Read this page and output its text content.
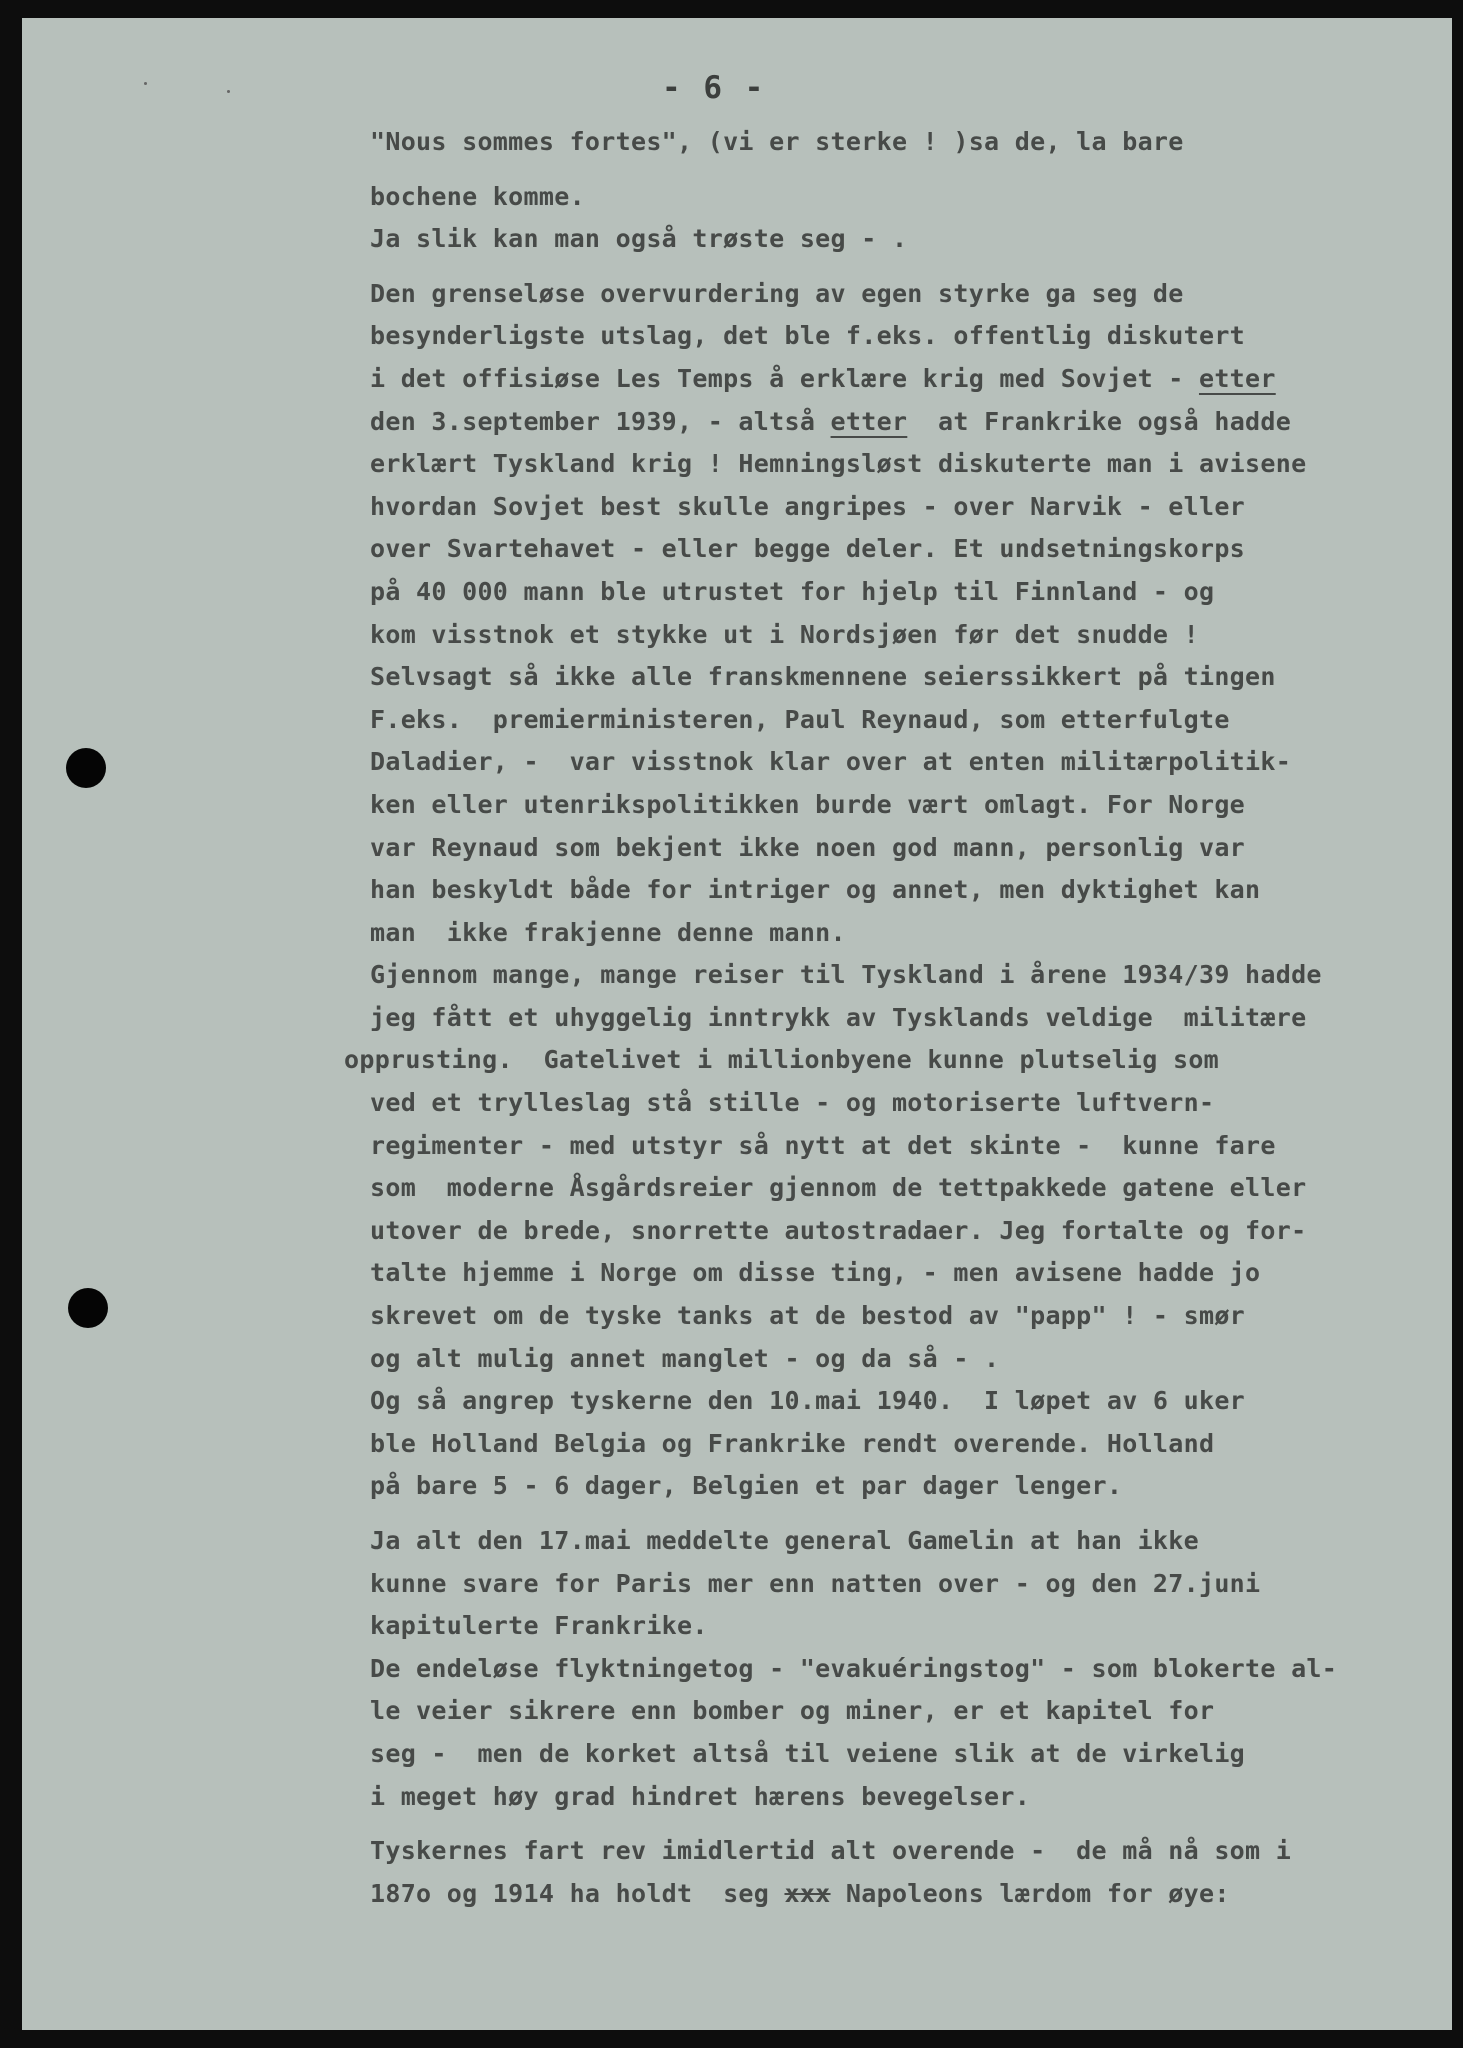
- 6 -
"Nous sommes fortes", (vi er sterke ! )sa de, la bare
bochene komme.
Ja slik kan man også trøste seg - .
Den grenseløse overvurdering av egen styrke ga seg de
besynderligste utslag, det ble f.eks. offentlig diskutert
i det offisiøse Les Temps å erklære krig med Sovjet - etter
den 3.september 1939, - altså etter  at Frankrike også hadde
erklært Tyskland krig ! Hemningsløst diskuterte man i avisene
hvordan Sovjet best skulle angripes - over Narvik - eller
over Svartehavet - eller begge deler. Et undsetningskorps
på 40 000 mann ble utrustet for hjelp til Finnland - og
kom visstnok et stykke ut i Nordsjøen før det snudde !
Selvsagt så ikke alle franskmennene seierssikkert på tingen
F.eks.  premierministeren, Paul Reynaud, som etterfulgte
Daladier, -  var visstnok klar over at enten militærpolitik-
ken eller utenrikspolitikken burde vært omlagt. For Norge
var Reynaud som bekjent ikke noen god mann, personlig var
han beskyldt både for intriger og annet, men dyktighet kan
man  ikke frakjenne denne mann.
Gjennom mange, mange reiser til Tyskland i årene 1934/39 hadde
jeg fått et uhyggelig inntrykk av Tysklands veldige  militære
opprusting.  Gatelivet i millionbyene kunne plutselig som
ved et trylleslag stå stille - og motoriserte luftvern-
regimenter - med utstyr så nytt at det skinte -  kunne fare
som  moderne Åsgårdsreier gjennom de tettpakkede gatene eller
utover de brede, snorrette autostradaer. Jeg fortalte og for-
talte hjemme i Norge om disse ting, - men avisene hadde jo
skrevet om de tyske tanks at de bestod av "papp" ! - smør
og alt mulig annet manglet - og da så - .
Og så angrep tyskerne den 10.mai 1940.  I løpet av 6 uker
ble Holland Belgia og Frankrike rendt overende. Holland
på bare 5 - 6 dager, Belgien et par dager lenger.
Ja alt den 17.mai meddelte general Gamelin at han ikke
kunne svare for Paris mer enn natten over - og den 27.juni
kapitulerte Frankrike.
De endeløse flyktningetog - "evakuéringstog" - som blokerte al-
le veier sikrere enn bomber og miner, er et kapitel for
seg -  men de korket altså til veiene slik at de virkelig
i meget høy grad hindret hærens bevegelser.
Tyskernes fart rev imidlertid alt overende -  de må nå som i
187o og 1914 ha holdt  seg xxx Napoleons lærdom for øye:
